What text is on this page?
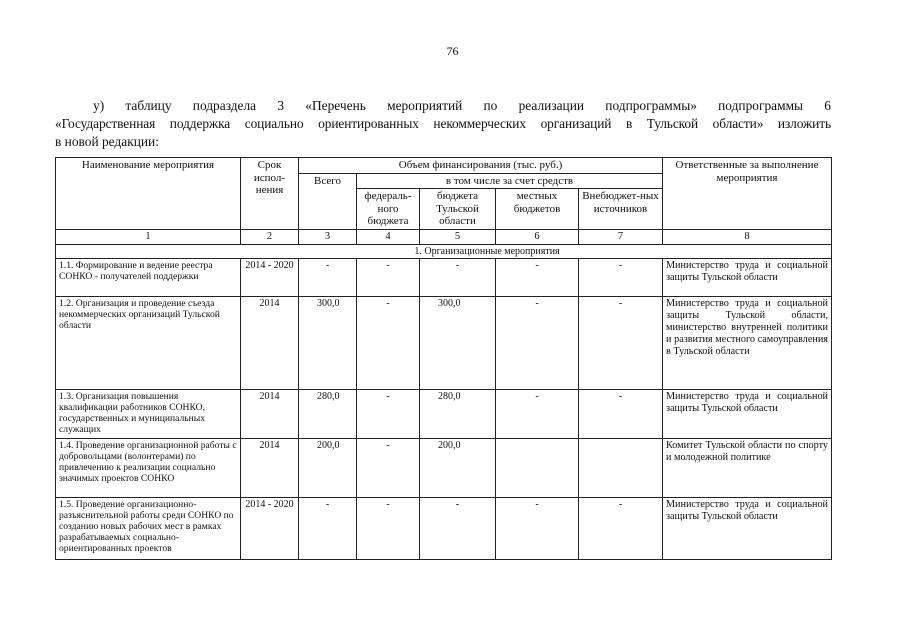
76
у) таблицу подраздела 3 «Перечень мероприятий по реализации подпрограммы» подпрограммы 6
«Государственная поддержка социально ориентированных некоммерческих организаций в Тульской области» изложить
в новой редакции:
Наименование мероприятия	Срок испол-нения	Объем финансирования (тыс. руб.)					Ответственные за выполнение мероприятия
		Всего	в том числе за счет средств				
			федераль-ного бюджета	бюджета Тульской области	местных бюджетов	Внебюджет-ных источников	
1	2	3	4	5	6	7	8
1. Организационные мероприятия							
1.1. Формирование и ведение реестра СОНКО - получателей поддержки	2014 - 2020	-	-	-	-	-	Министерство труда и социальной защиты Тульской области
1.2. Организация и проведение съезда некоммерческих организаций Тульской области	2014	300,0	-	300,0	-	-	Министерство труда и социальной защиты Тульской области, министерство внутренней политики и развития местного самоуправления в Тульской области
1.3. Организация повышения квалификации работников СОНКО, государственных и муниципальных служащих	2014	280,0	-	280,0	-	-	Министерство труда и социальной защиты Тульской области
1.4. Проведение организационной работы с добровольцами (волонтерами) по привлечению к реализации социально значимых проектов СОНКО	2014	200,0	-	200,0			Комитет Тульской области по спорту и молодежной политике
1.5. Проведение организационно-разъяснительной работы среди СОНКО по созданию новых рабочих мест в рамках разрабатываемых социально-ориентированных проектов	2014 - 2020	-	-	-	-	-	Министерство труда и социальной защиты Тульской области
